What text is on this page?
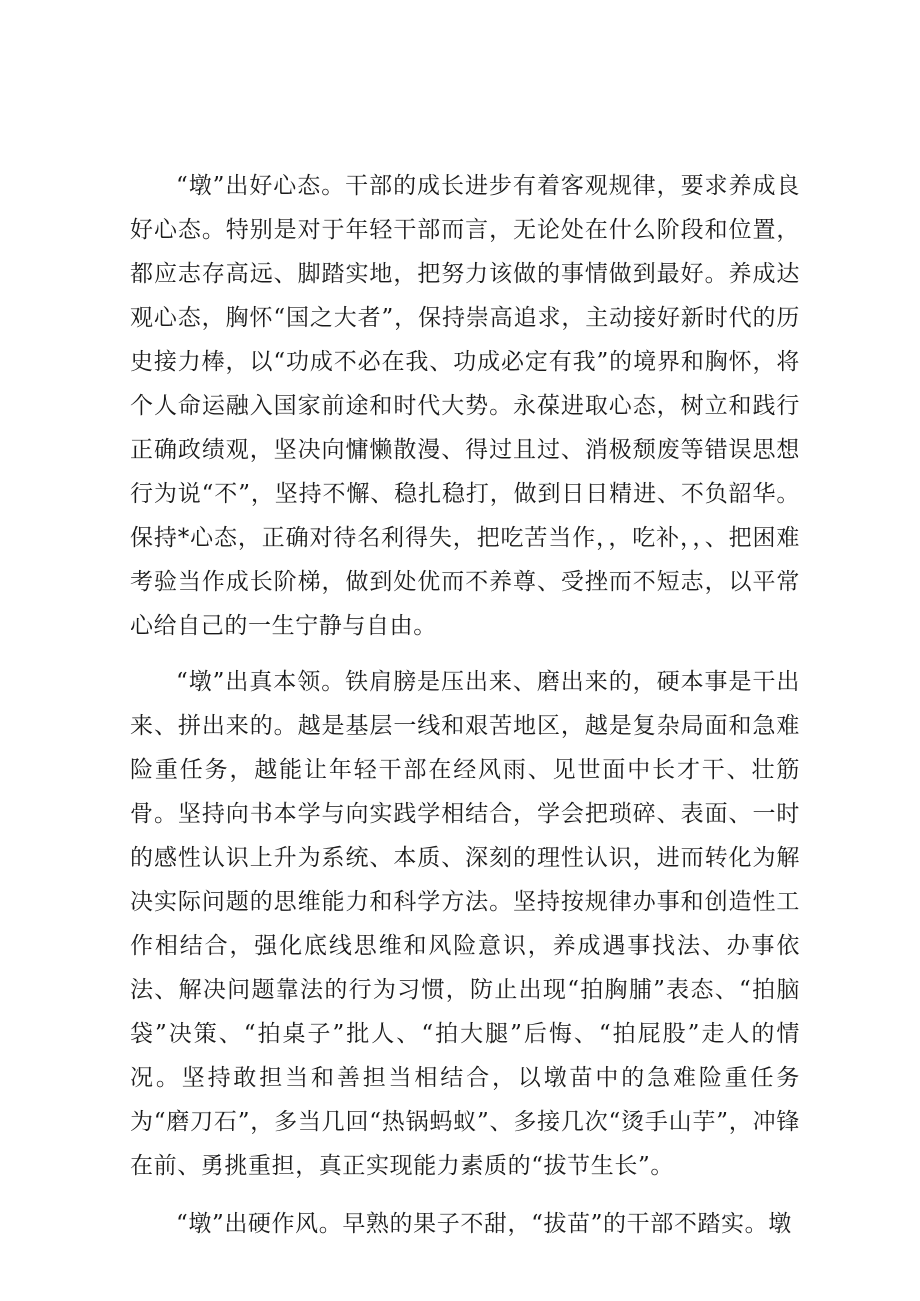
“墩”出好心态。干部的成长进步有着客观规律，要求养成良好心态。特别是对于年轻干部而言，无论处在什么阶段和位置，都应志存高远、脚踏实地，把努力该做的事情做到最好。养成达观心态，胸怀“国之大者”，保持崇高追求，主动接好新时代的历史接力棒，以“功成不必在我、功成必定有我”的境界和胸怀，将个人命运融入国家前途和时代大势。永葆进取心态，树立和践行正确政绩观，坚决向慵懒散漫、得过且过、消极颓废等错误思想行为说“不”，坚持不懈、稳扎稳打，做到日日精进、不负韶华。保持*心态，正确对待名利得失，把吃苦当作，，吃补，，、把困难考验当作成长阶梯，做到处优而不养尊、受挫而不短志，以平常心给自己的一生宁静与自由。

“墩”出真本领。铁肩膀是压出来、磨出来的，硬本事是干出来、拼出来的。越是基层一线和艰苦地区，越是复杂局面和急难险重任务，越能让年轻干部在经风雨、见世面中长才干、壮筋骨。坚持向书本学与向实践学相结合，学会把琐碎、表面、一时的感性认识上升为系统、本质、深刻的理性认识，进而转化为解决实际问题的思维能力和科学方法。坚持按规律办事和创造性工作相结合，强化底线思维和风险意识，养成遇事找法、办事依法、解决问题靠法的行为习惯，防止出现“拍胸脯”表态、“拍脑袋”决策、“拍桌子”批人、“拍大腿”后悔、“拍屁股”走人的情况。坚持敢担当和善担当相结合，以墩苗中的急难险重任务为“磨刀石”，多当几回“热锅蚂蚁”、多接几次“烫手山芋”，冲锋在前、勇挑重担，真正实现能力素质的“拔节生长”。

“墩”出硬作风。早熟的果子不甜，“拔苗”的干部不踏实。墩
